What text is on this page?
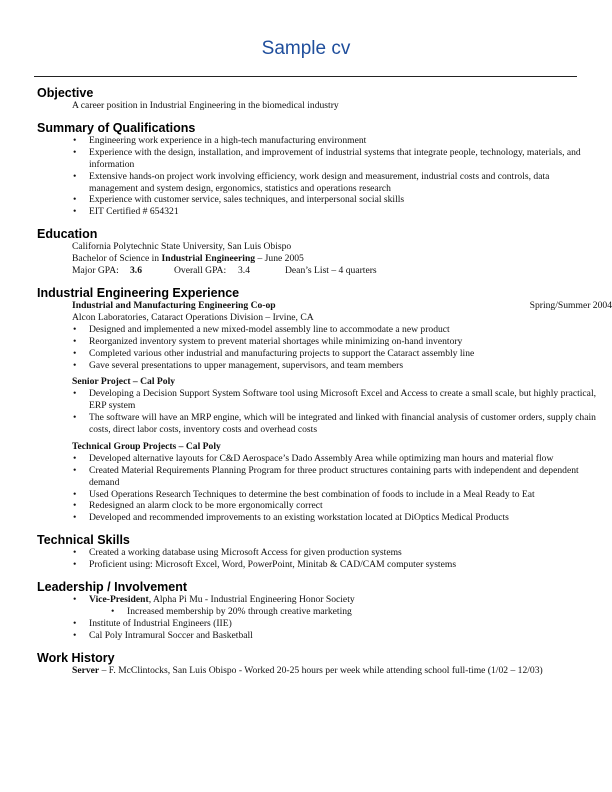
Sample cv

Objective

A career position in Industrial Engineering in the biomedical industry

Summary of Qualifications

• Engineering work experience in a high-tech manufacturing environment
• Experience with the design, installation, and improvement of industrial systems that integrate people, technology, materials, and information
• Extensive hands-on project work involving efficiency, work design and measurement, industrial costs and controls, data management and system design, ergonomics, statistics and operations research
• Experience with customer service, sales techniques, and interpersonal social skills
• EIT Certified # 654321

Education

California Polytechnic State University, San Luis Obispo

Bachelor of Science in Industrial Engineering – June 2005

Major GPA: 3.6	Overall GPA: 3.4	Dean’s List – 4 quarters

Industrial Engineering Experience

Industrial and Manufacturing Engineering Co-op	Spring/Summer 2004

Alcon Laboratories, Cataract Operations Division – Irvine, CA

• Designed and implemented a new mixed-model assembly line to accommodate a new product
• Reorganized inventory system to prevent material shortages while minimizing on-hand inventory
• Completed various other industrial and manufacturing projects to support the Cataract assembly line
• Gave several presentations to upper management, supervisors, and team members

Senior Project – Cal Poly

• Developing a Decision Support System Software tool using Microsoft Excel and Access to create a small scale, but highly practical, ERP system
• The software will have an MRP engine, which will be integrated and linked with financial analysis of customer orders, supply chain costs, direct labor costs, inventory costs and overhead costs

Technical Group Projects – Cal Poly

• Developed alternative layouts for C&D Aerospace’s Dado Assembly Area while optimizing man hours and material flow
• Created Material Requirements Planning Program for three product structures containing parts with independent and dependent demand
• Used Operations Research Techniques to determine the best combination of foods to include in a Meal Ready to Eat
• Redesigned an alarm clock to be more ergonomically correct
• Developed and recommended improvements to an existing workstation located at DiOptics Medical Products

Technical Skills

• Created a working database using Microsoft Access for given production systems
• Proficient using: Microsoft Excel, Word, PowerPoint, Minitab & CAD/CAM computer systems

Leadership / Involvement

• Vice-President, Alpha Pi Mu - Industrial Engineering Honor Society
• Increased membership by 20% through creative marketing
• Institute of Industrial Engineers (IIE)
• Cal Poly Intramural Soccer and Basketball

Work History

Server – F. McClintocks, San Luis Obispo - Worked 20-25 hours per week while attending school full-time (1/02 – 12/03)
